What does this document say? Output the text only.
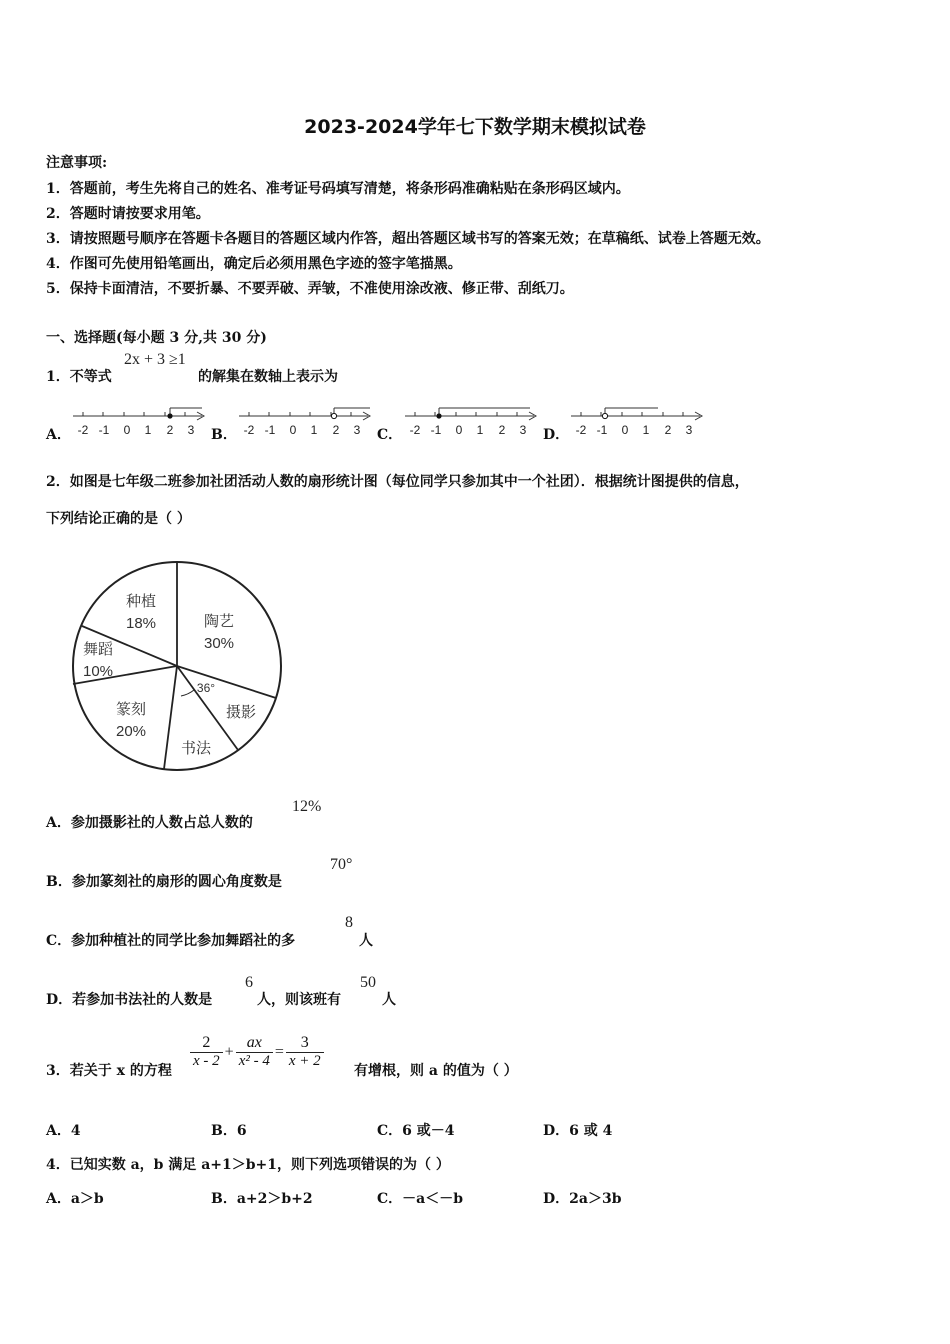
2023-2024学年七下数学期末模拟试卷
注意事项:
1．答题前，考生先将自己的姓名、准考证号码填写清楚，将条形码准确粘贴在条形码区域内。
2．答题时请按要求用笔。
3．请按照题号顺序在答题卡各题目的答题区域内作答，超出答题区域书写的答案无效；在草稿纸、试卷上答题无效。
4．作图可先使用铅笔画出，确定后必须用黑色字迹的签字笔描黑。
5．保持卡面清洁，不要折暴、不要弄破、弄皱，不准使用涂改液、修正带、刮纸刀。
一、选择题(每小题 3 分,共 30 分)
1．不等式
2x + 3 ≥1
的解集在数轴上表示为
A．	B．	C．	D．
-2 -1 0 1 2 3	-2 -1 0 1 2 3	-2 -1 0 1 2 3	-2 -1 0 1 2 3
2．如图是七年级二班参加社团活动人数的扇形统计图（每位同学只参加其中一个社团）．根据统计图提供的信息，
下列结论正确的是（ ）
陶艺
30%
摄影
书法
篆刻
20%
舞蹈
10%
种植
18%
36°
A．参加摄影社的人数占总人数的
12%
B．参加篆刻社的扇形的圆心角度数是
70°
C．参加种植社的同学比参加舞蹈社的多
8
人
D．若参加书法社的人数是
6
人，则该班有
50
人
3．若关于 x 的方程
$\frac{2}{x - 2} + \frac{ax}{\text{x² - 4}} = \frac{3}{x + 2}$
有增根，则 a 的值为（ ）
A．4	B．6	C．6 或－4	D．6 或 4
4．已知实数 a，b 满足 a+1＞b+1，则下列选项错误的为（ ）
A．a＞b	B．a+2＞b+2	C．－a＜－b	D．2a＞3b
